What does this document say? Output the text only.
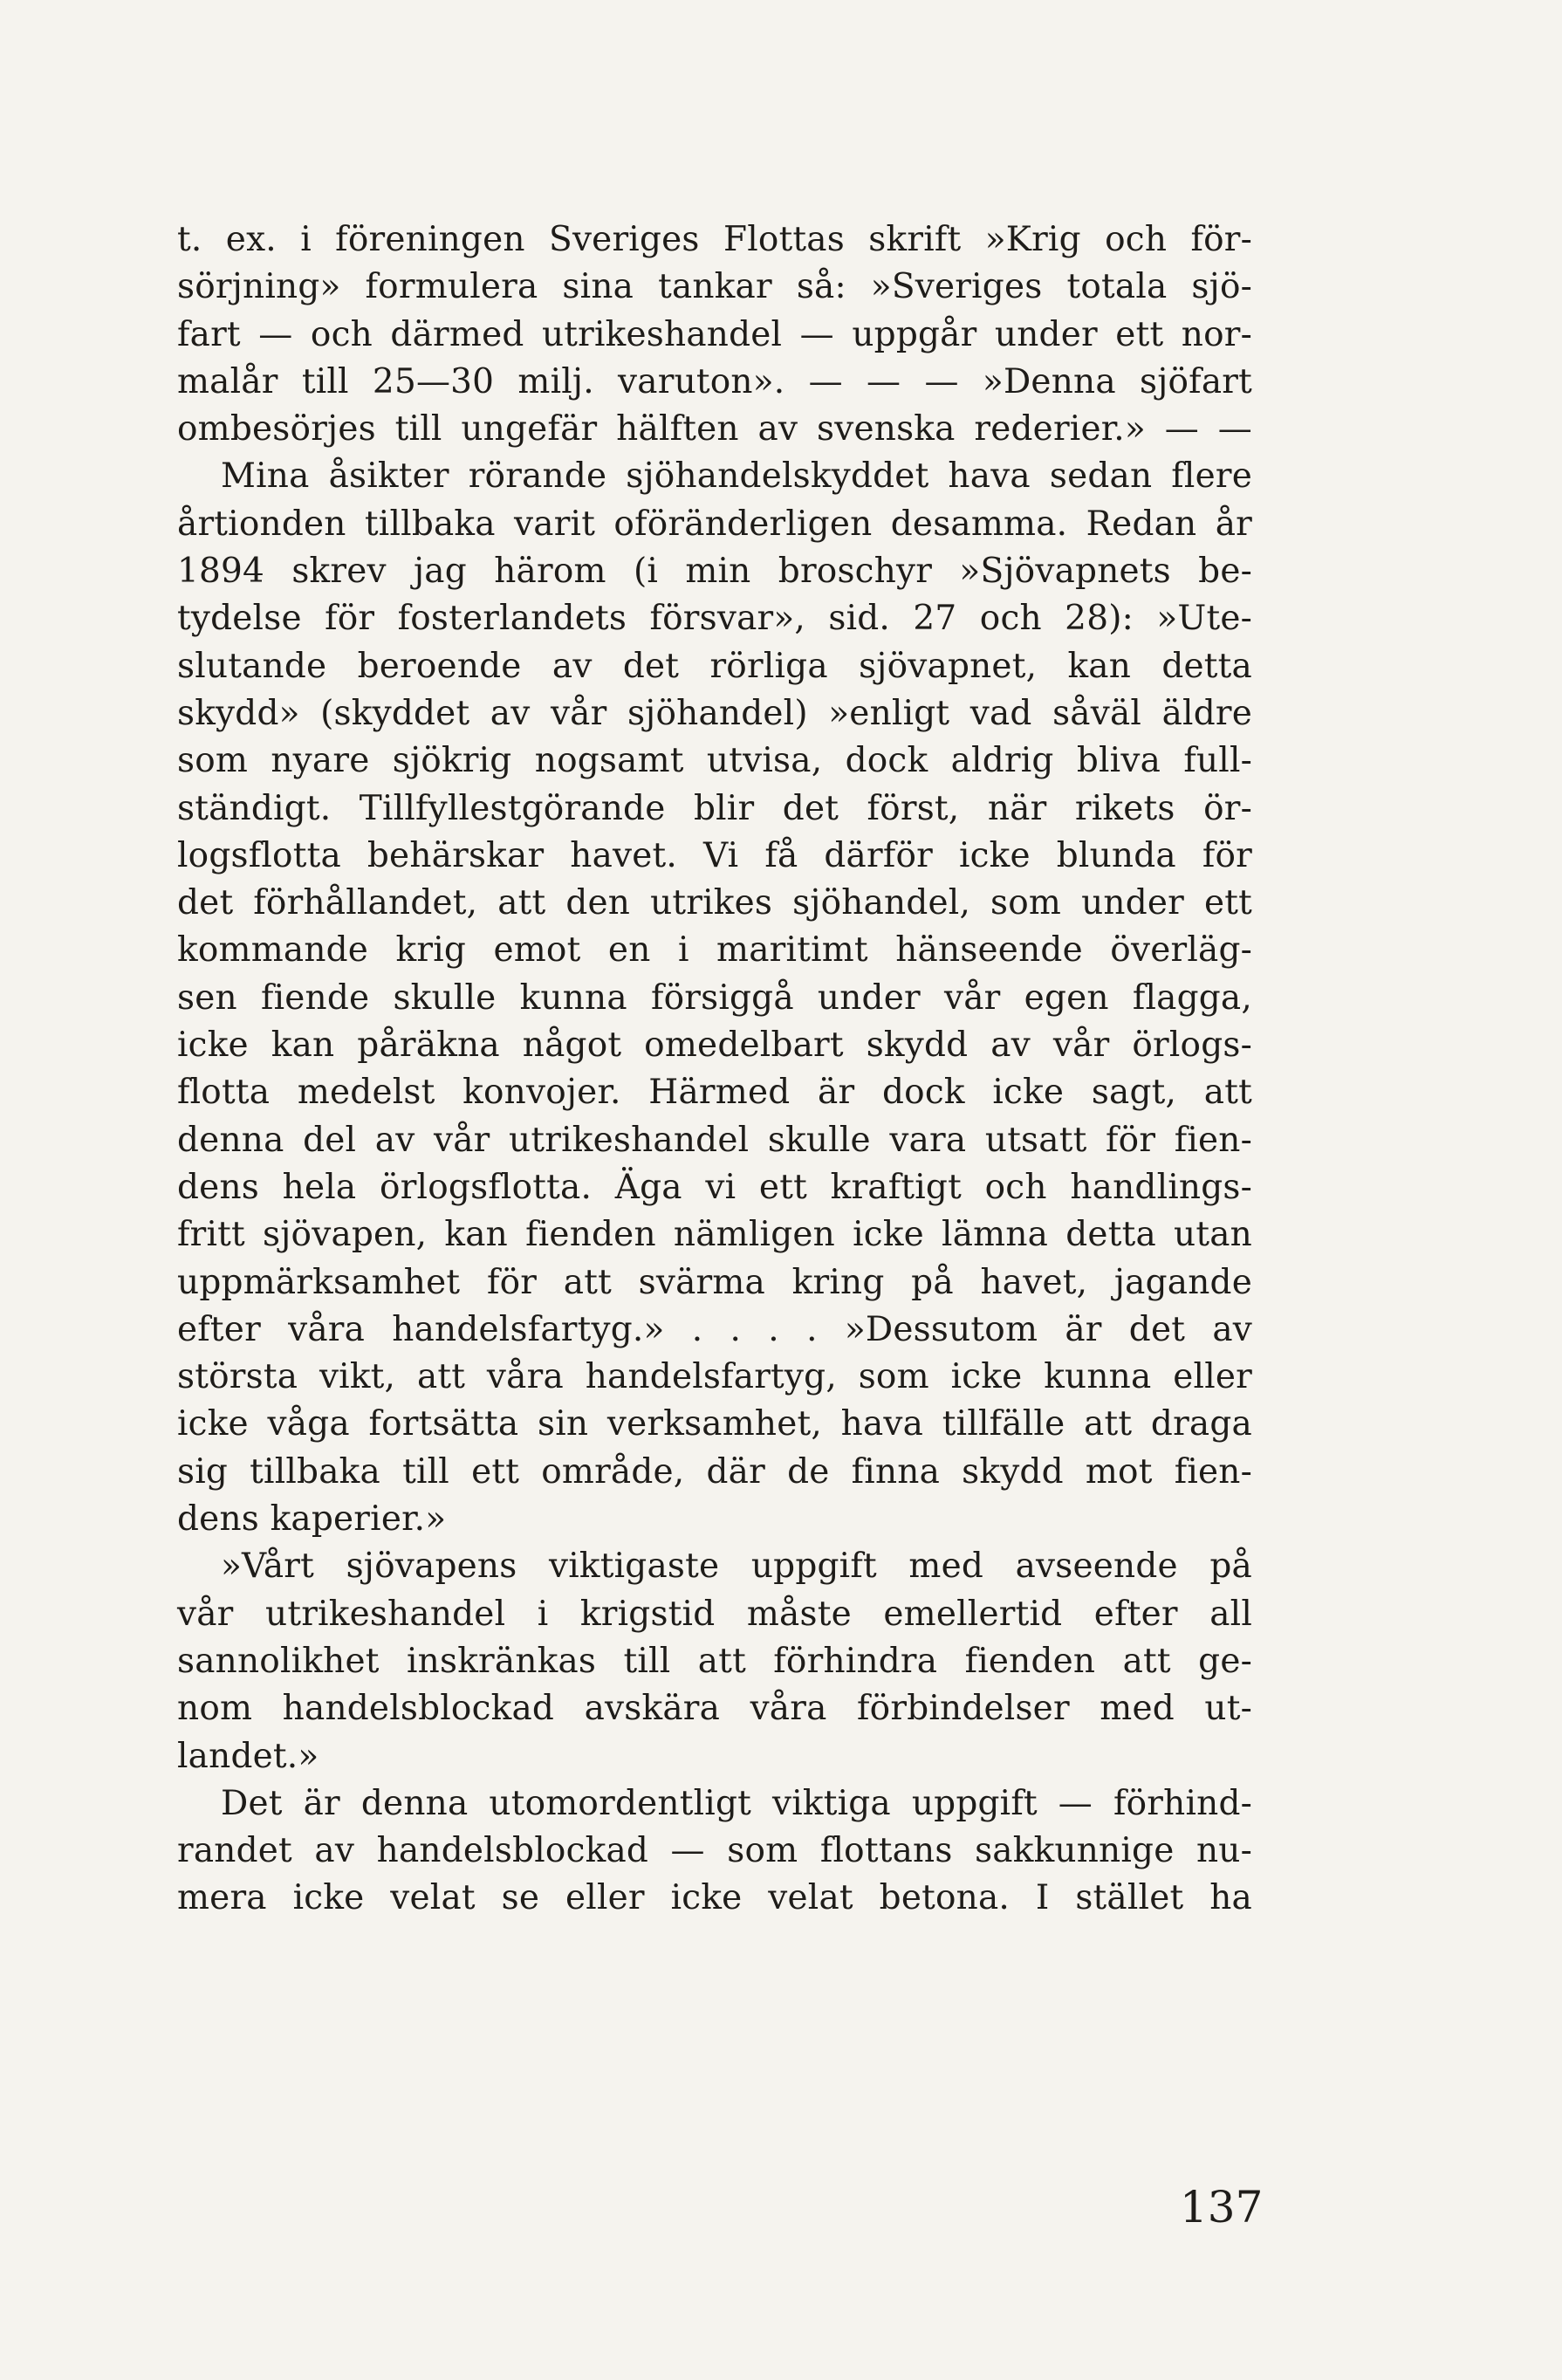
t. ex. i föreningen Sveriges Flottas skrift »Krig och för-
sörjning» formulera sina tankar så: »Sveriges totala sjö-
fart — och därmed utrikeshandel — uppgår under ett nor-
malår till 25—30 milj. varuton». — — — »Denna sjöfart
ombesörjes till ungefär hälften av svenska rederier.» — —
Mina åsikter rörande sjöhandelskyddet hava sedan flere
årtionden tillbaka varit oföränderligen desamma. Redan år
1894 skrev jag härom (i min broschyr »Sjövapnets be-
tydelse för fosterlandets försvar», sid. 27 och 28): »Ute-
slutande beroende av det rörliga sjövapnet, kan detta
skydd» (skyddet av vår sjöhandel) »enligt vad såväl äldre
som nyare sjökrig nogsamt utvisa, dock aldrig bliva full-
ständigt. Tillfyllestgörande blir det först, när rikets ör-
logsflotta behärskar havet. Vi få därför icke blunda för
det förhållandet, att den utrikes sjöhandel, som under ett
kommande krig emot en i maritimt hänseende överläg-
sen fiende skulle kunna försiggå under vår egen flagga,
icke kan påräkna något omedelbart skydd av vår örlogs-
flotta medelst konvojer. Härmed är dock icke sagt, att
denna del av vår utrikeshandel skulle vara utsatt för fien-
dens hela örlogsflotta. Äga vi ett kraftigt och handlings-
fritt sjövapen, kan fienden nämligen icke lämna detta utan
uppmärksamhet för att svärma kring på havet, jagande
efter våra handelsfartyg.» . . . . »Dessutom är det av
största vikt, att våra handelsfartyg, som icke kunna eller
icke våga fortsätta sin verksamhet, hava tillfälle att draga
sig tillbaka till ett område, där de finna skydd mot fien-
dens kaperier.»
»Vårt sjövapens viktigaste uppgift med avseende på
vår utrikeshandel i krigstid måste emellertid efter all
sannolikhet inskränkas till att förhindra fienden att ge-
nom handelsblockad avskära våra förbindelser med ut-
landet.»
Det är denna utomordentligt viktiga uppgift — förhind-
randet av handelsblockad — som flottans sakkunnige nu-
mera icke velat se eller icke velat betona. I stället ha
137
